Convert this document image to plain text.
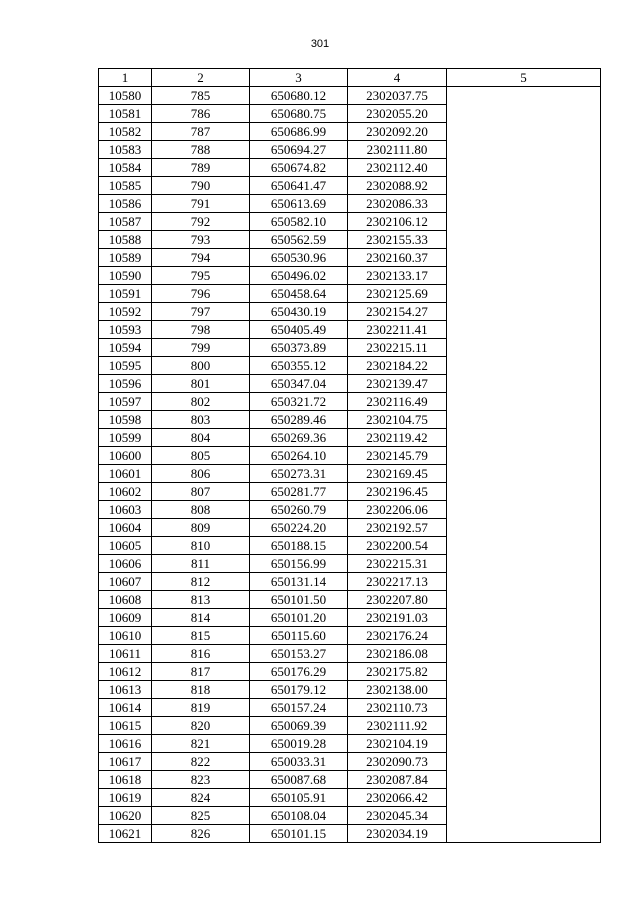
301
1	2	3	4	5
10580	785	650680.12	2302037.75	
10581	786	650680.75	2302055.20	
10582	787	650686.99	2302092.20	
10583	788	650694.27	2302111.80	
10584	789	650674.82	2302112.40	
10585	790	650641.47	2302088.92	
10586	791	650613.69	2302086.33	
10587	792	650582.10	2302106.12	
10588	793	650562.59	2302155.33	
10589	794	650530.96	2302160.37	
10590	795	650496.02	2302133.17	
10591	796	650458.64	2302125.69	
10592	797	650430.19	2302154.27	
10593	798	650405.49	2302211.41	
10594	799	650373.89	2302215.11	
10595	800	650355.12	2302184.22	
10596	801	650347.04	2302139.47	
10597	802	650321.72	2302116.49	
10598	803	650289.46	2302104.75	
10599	804	650269.36	2302119.42	
10600	805	650264.10	2302145.79	
10601	806	650273.31	2302169.45	
10602	807	650281.77	2302196.45	
10603	808	650260.79	2302206.06	
10604	809	650224.20	2302192.57	
10605	810	650188.15	2302200.54	
10606	811	650156.99	2302215.31	
10607	812	650131.14	2302217.13	
10608	813	650101.50	2302207.80	
10609	814	650101.20	2302191.03	
10610	815	650115.60	2302176.24	
10611	816	650153.27	2302186.08	
10612	817	650176.29	2302175.82	
10613	818	650179.12	2302138.00	
10614	819	650157.24	2302110.73	
10615	820	650069.39	2302111.92	
10616	821	650019.28	2302104.19	
10617	822	650033.31	2302090.73	
10618	823	650087.68	2302087.84	
10619	824	650105.91	2302066.42	
10620	825	650108.04	2302045.34	
10621	826	650101.15	2302034.19	
